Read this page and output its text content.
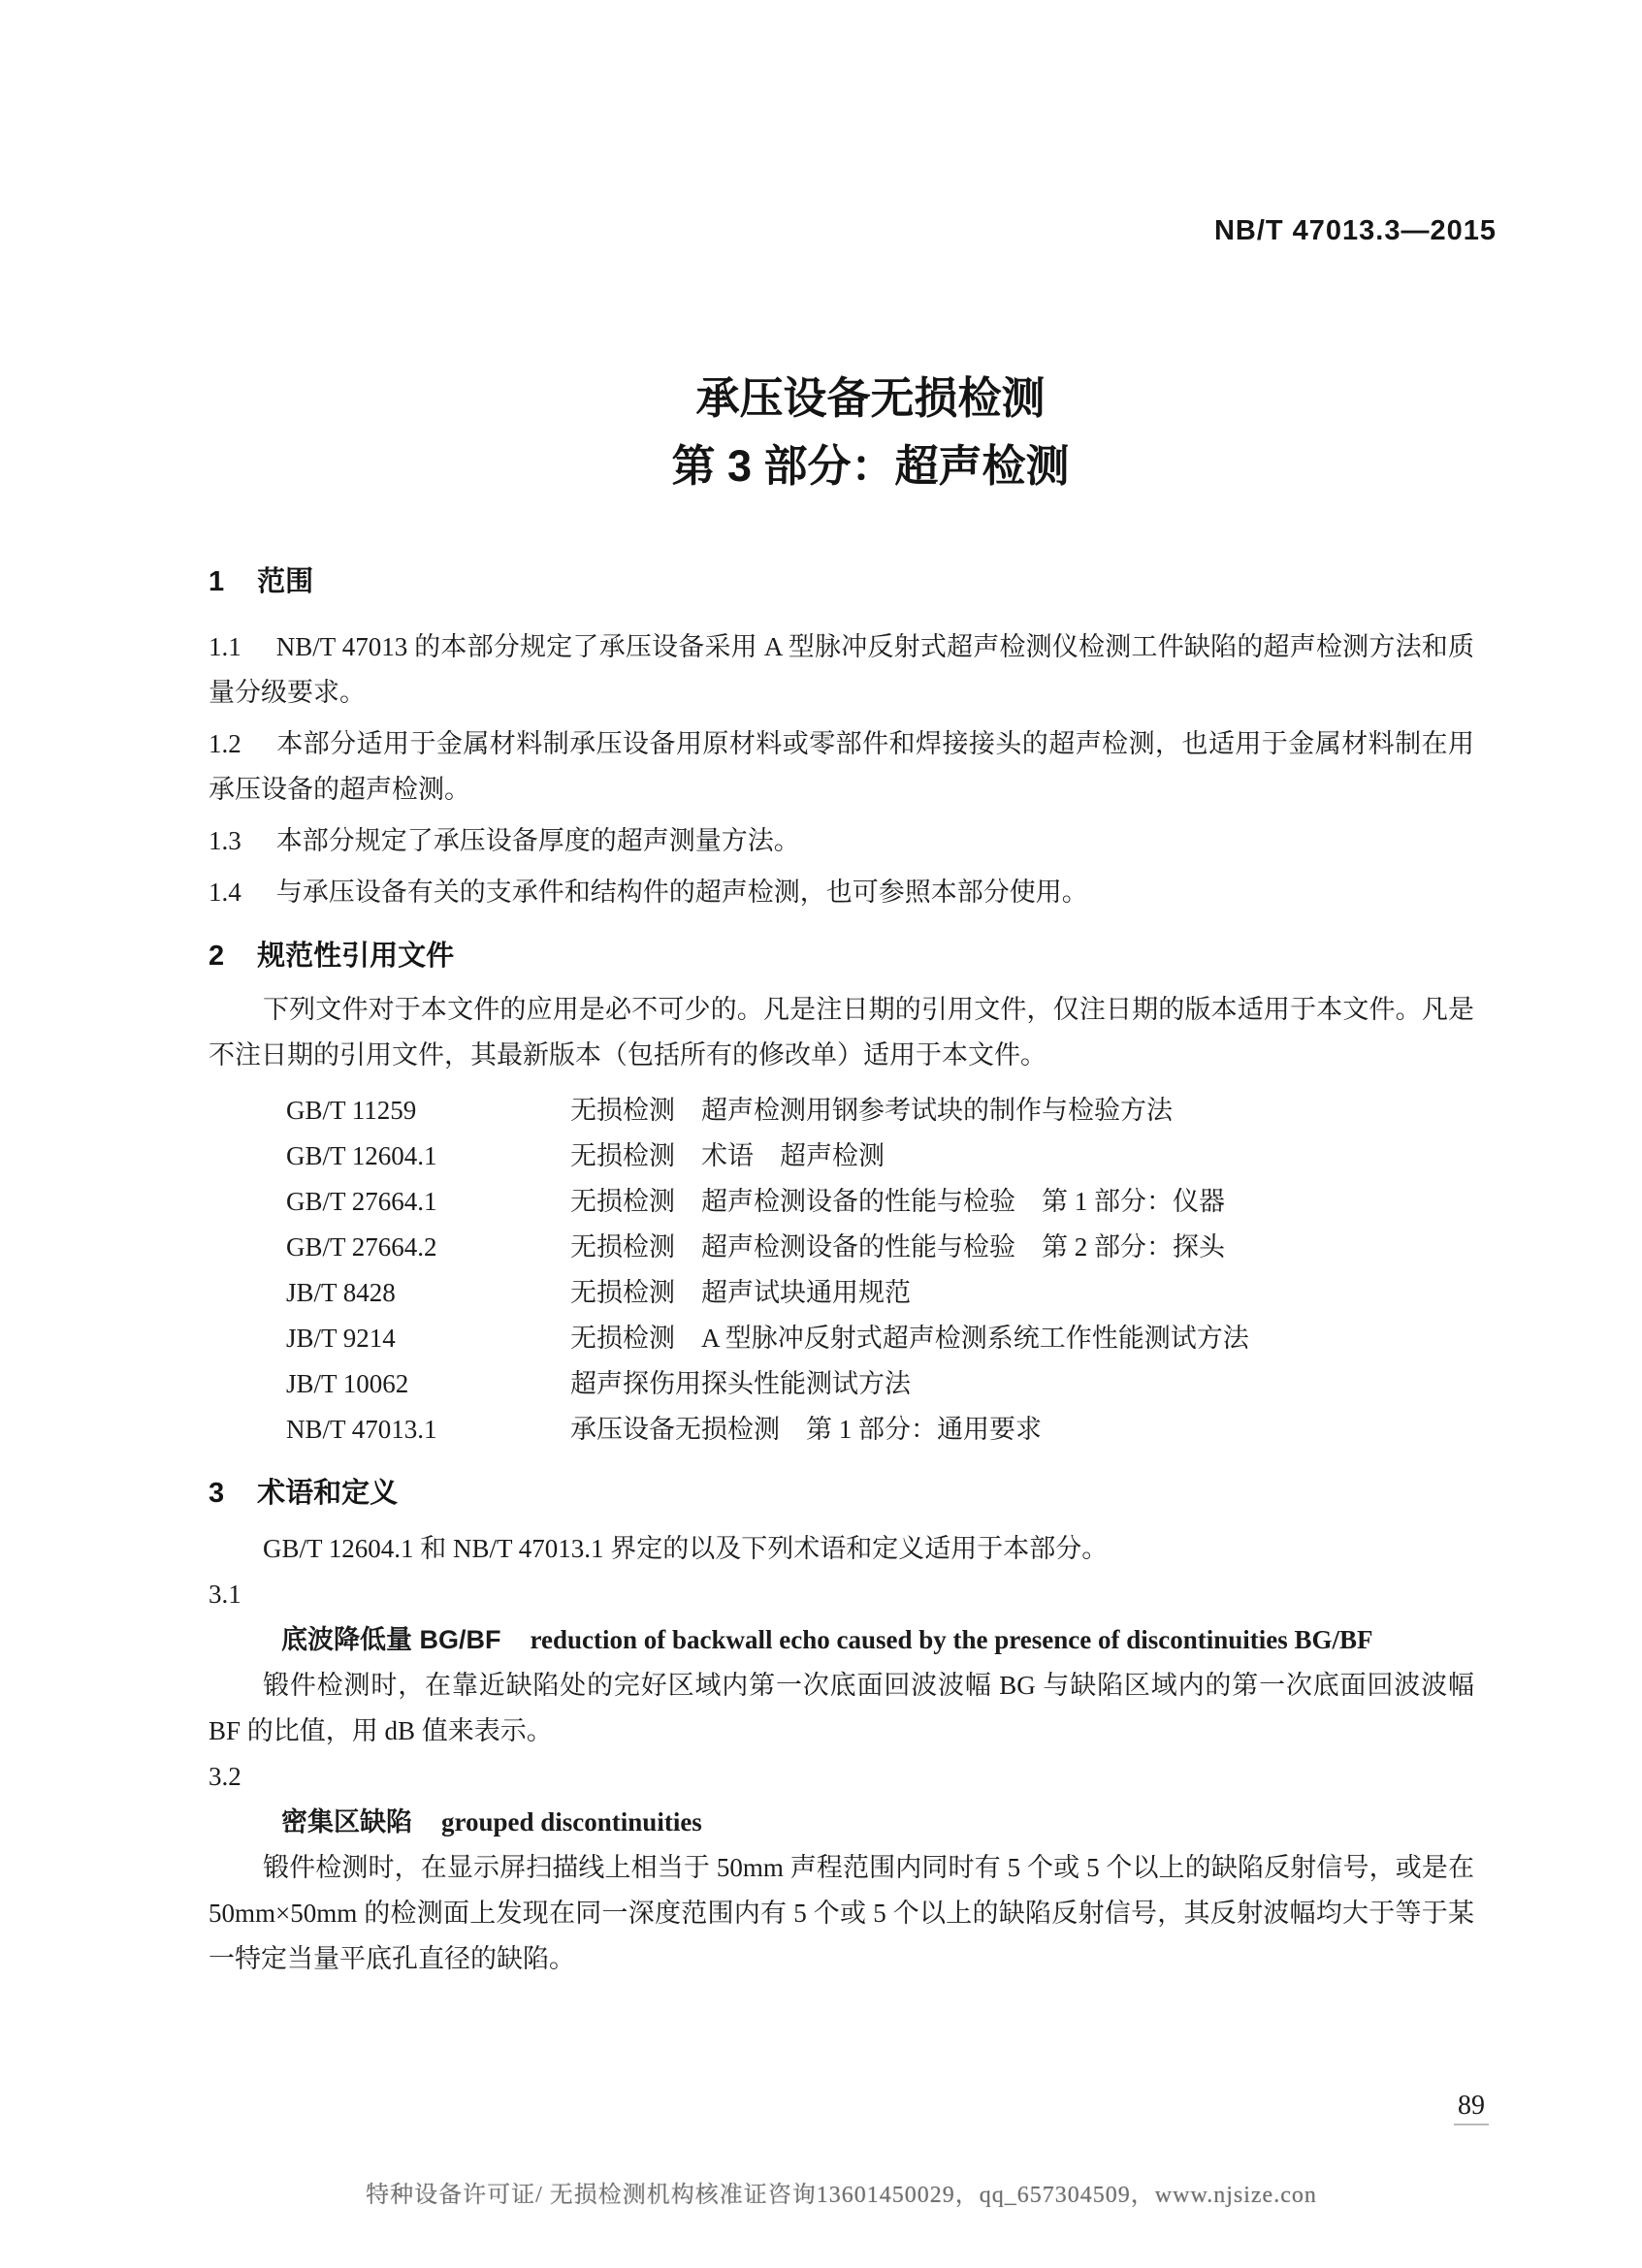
NB/T 47013.3—2015
承压设备无损检测
第 3 部分：超声检测
1 范围

1.1 NB/T 47013 的本部分规定了承压设备采用 A 型脉冲反射式超声检测仪检测工件缺陷的超声检测方法和质量分级要求。

1.2 本部分适用于金属材料制承压设备用原材料或零部件和焊接接头的超声检测，也适用于金属材料制在用承压设备的超声检测。

1.3 本部分规定了承压设备厚度的超声测量方法。

1.4 与承压设备有关的支承件和结构件的超声检测，也可参照本部分使用。

2 规范性引用文件

下列文件对于本文件的应用是必不可少的。凡是注日期的引用文件，仅注日期的版本适用于本文件。凡是不注日期的引用文件，其最新版本（包括所有的修改单）适用于本文件。

GB/T 11259	无损检测　超声检测用钢参考试块的制作与检验方法
GB/T 12604.1	无损检测　术语　超声检测
GB/T 27664.1	无损检测　超声检测设备的性能与检验　第 1 部分：仪器
GB/T 27664.2	无损检测　超声检测设备的性能与检验　第 2 部分：探头
JB/T 8428	无损检测　超声试块通用规范
JB/T 9214	无损检测　A 型脉冲反射式超声检测系统工作性能测试方法
JB/T 10062	超声探伤用探头性能测试方法
NB/T 47013.1	承压设备无损检测　第 1 部分：通用要求
3 术语和定义

GB/T 12604.1 和 NB/T 47013.1 界定的以及下列术语和定义适用于本部分。

3.1

底波降低量 BG/BF reduction of backwall echo caused by the presence of discontinuities BG/BF

锻件检测时，在靠近缺陷处的完好区域内第一次底面回波波幅 BG 与缺陷区域内的第一次底面回波波幅 BF 的比值，用 dB 值来表示。

3.2

密集区缺陷 grouped discontinuities

锻件检测时，在显示屏扫描线上相当于 50mm 声程范围内同时有 5 个或 5 个以上的缺陷反射信号，或是在 50mm×50mm 的检测面上发现在同一深度范围内有 5 个或 5 个以上的缺陷反射信号，其反射波幅均大于等于某一特定当量平底孔直径的缺陷。

89
特种设备许可证/ 无损检测机构核准证咨询13601450029，qq_657304509，www.njsize.con
